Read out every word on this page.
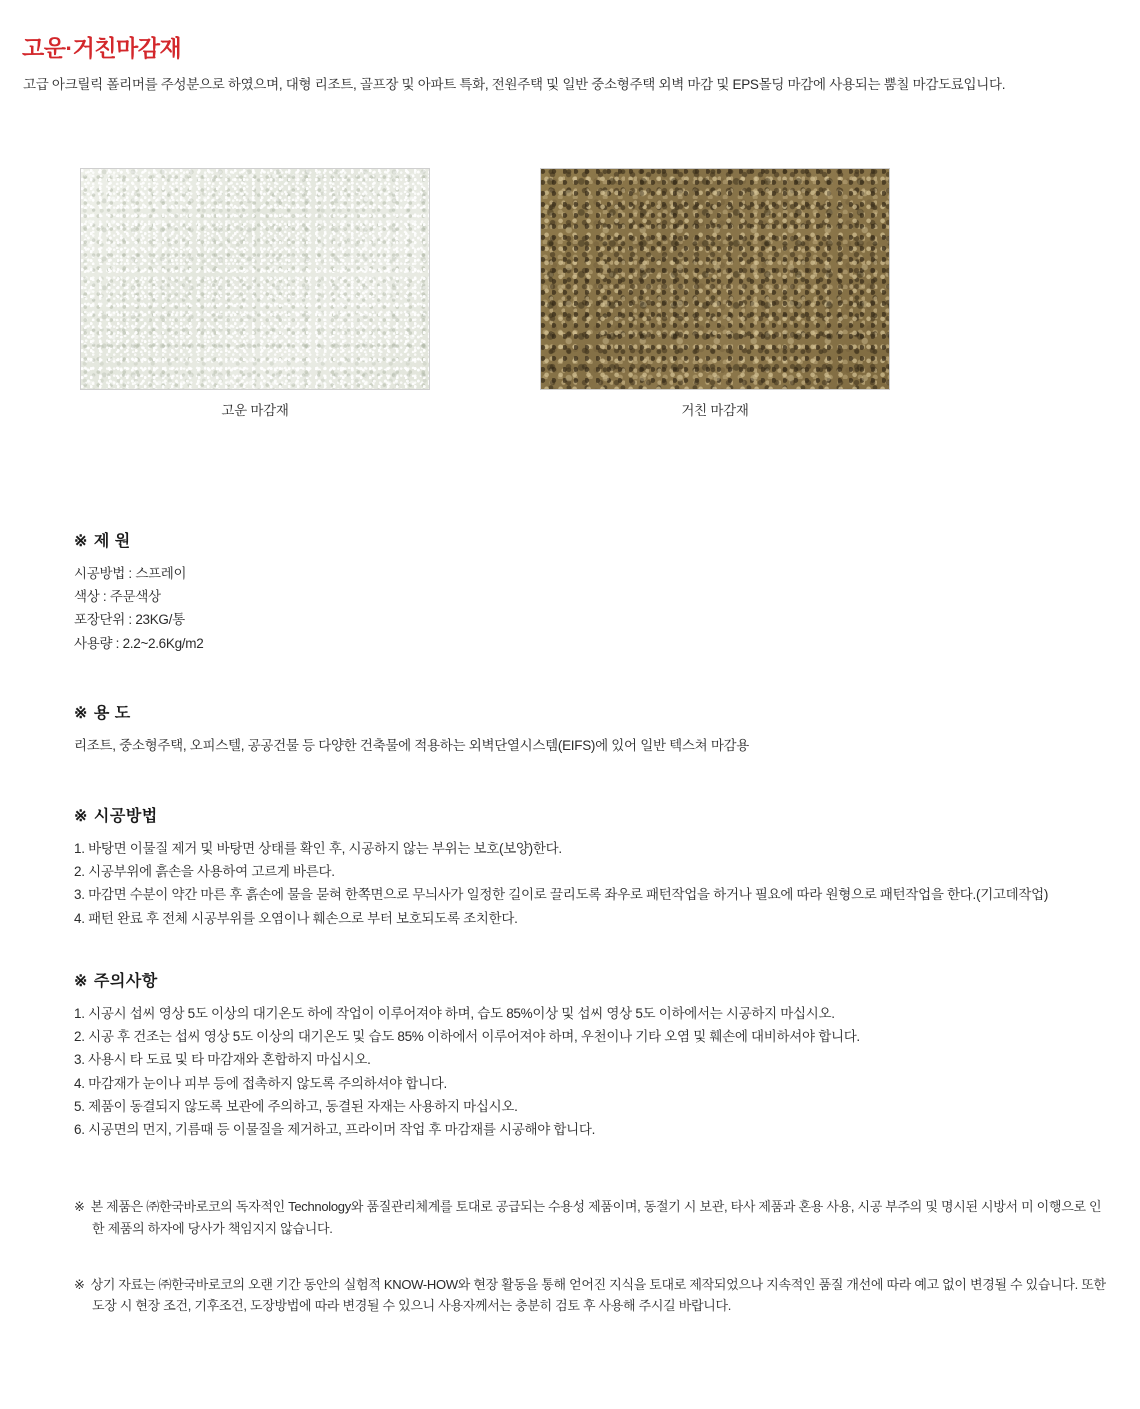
고운·거친마감재
고급 아크릴릭 폴리머를 주성분으로 하였으며, 대형 리조트, 골프장 및 아파트 특화, 전원주택 및 일반 중소형주택 외벽 마감 및 EPS몰딩 마감에 사용되는 뿜칠 마감도료입니다.
고운 마감재	거친 마감재
※ 제 원
시공방법 : 스프레이
색상 : 주문색상
포장단위 : 23KG/통
사용량 : 2.2~2.6Kg/m2
※ 용 도
리조트, 중소형주택, 오피스텔, 공공건물 등 다양한 건축물에 적용하는 외벽단열시스템(EIFS)에 있어 일반 텍스쳐 마감용
※ 시공방법
1. 바탕면 이물질 제거 및 바탕면 상태를 확인 후, 시공하지 않는 부위는 보호(보양)한다.
2. 시공부위에 흙손을 사용하여 고르게 바른다.
3. 마감면 수분이 약간 마른 후 흙손에 물을 묻혀 한쪽면으로 무늬사가 일정한 길이로 끌리도록 좌우로 패턴작업을 하거나 필요에 따라 원형으로 패턴작업을 한다.(기고데작업)
4. 패턴 완료 후 전체 시공부위를 오염이나 훼손으로 부터 보호되도록 조치한다.
※ 주의사항
1. 시공시 섭씨 영상 5도 이상의 대기온도 하에 작업이 이루어져야 하며, 습도 85%이상 및 섭씨 영상 5도 이하에서는 시공하지 마십시오.
2. 시공 후 건조는 섭씨 영상 5도 이상의 대기온도 및 습도 85% 이하에서 이루어져야 하며, 우천이나 기타 오염 및 훼손에 대비하셔야 합니다.
3. 사용시 타 도료 및 타 마감재와 혼합하지 마십시오.
4. 마감재가 눈이나 피부 등에 접촉하지 않도록 주의하셔야 합니다.
5. 제품이 동결되지 않도록 보관에 주의하고, 동결된 자재는 사용하지 마십시오.
6. 시공면의 먼지, 기름때 등 이물질을 제거하고, 프라이머 작업 후 마감재를 시공해야 합니다.
※ 본 제품은 ㈜한국바로코의 독자적인 Technology와 품질관리체계를 토대로 공급되는 수용성 제품이며, 동절기 시 보관, 타사 제품과 혼용 사용, 시공 부주의 및 명시된 시방서 미 이행으로 인한 제품의 하자에 당사가 책임지지 않습니다.
※ 상기 자료는 ㈜한국바로코의 오랜 기간 동안의 실험적 KNOW-HOW와 현장 활동을 통해 얻어진 지식을 토대로 제작되었으나 지속적인 품질 개선에 따라 예고 없이 변경될 수 있습니다. 또한 도장 시 현장 조건, 기후조건, 도장방법에 따라 변경될 수 있으니 사용자께서는 충분히 검토 후 사용해 주시길 바랍니다.
